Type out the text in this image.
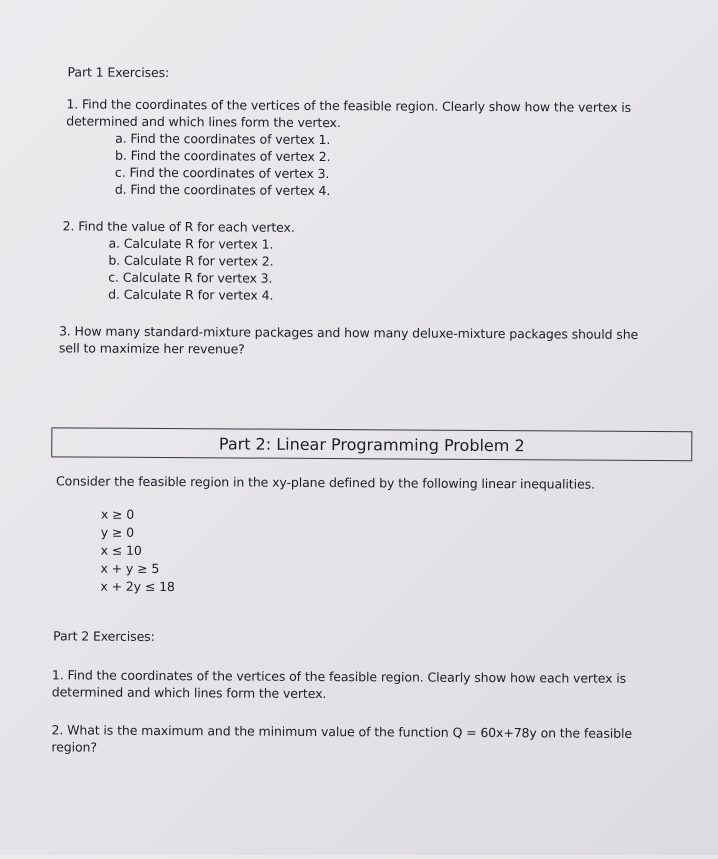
Part 1 Exercises:
1. Find the coordinates of the vertices of the feasible region. Clearly show how the vertex is
determined and which lines form the vertex.
a. Find the coordinates of vertex 1.
b. Find the coordinates of vertex 2.
c. Find the coordinates of vertex 3.
d. Find the coordinates of vertex 4.
2. Find the value of R for each vertex.
a. Calculate R for vertex 1.
b. Calculate R for vertex 2.
c. Calculate R for vertex 3.
d. Calculate R for vertex 4.
3. How many standard-mixture packages and how many deluxe-mixture packages should she
sell to maximize her revenue?
Part 2: Linear Programming Problem 2
Consider the feasible region in the xy-plane defined by the following linear inequalities.
x ≥ 0
y ≥ 0
x ≤ 10
x + y ≥ 5
x + 2y ≤ 18
Part 2 Exercises:
1. Find the coordinates of the vertices of the feasible region. Clearly show how each vertex is
determined and which lines form the vertex.
2. What is the maximum and the minimum value of the function Q = 60x+78y on the feasible
region?
